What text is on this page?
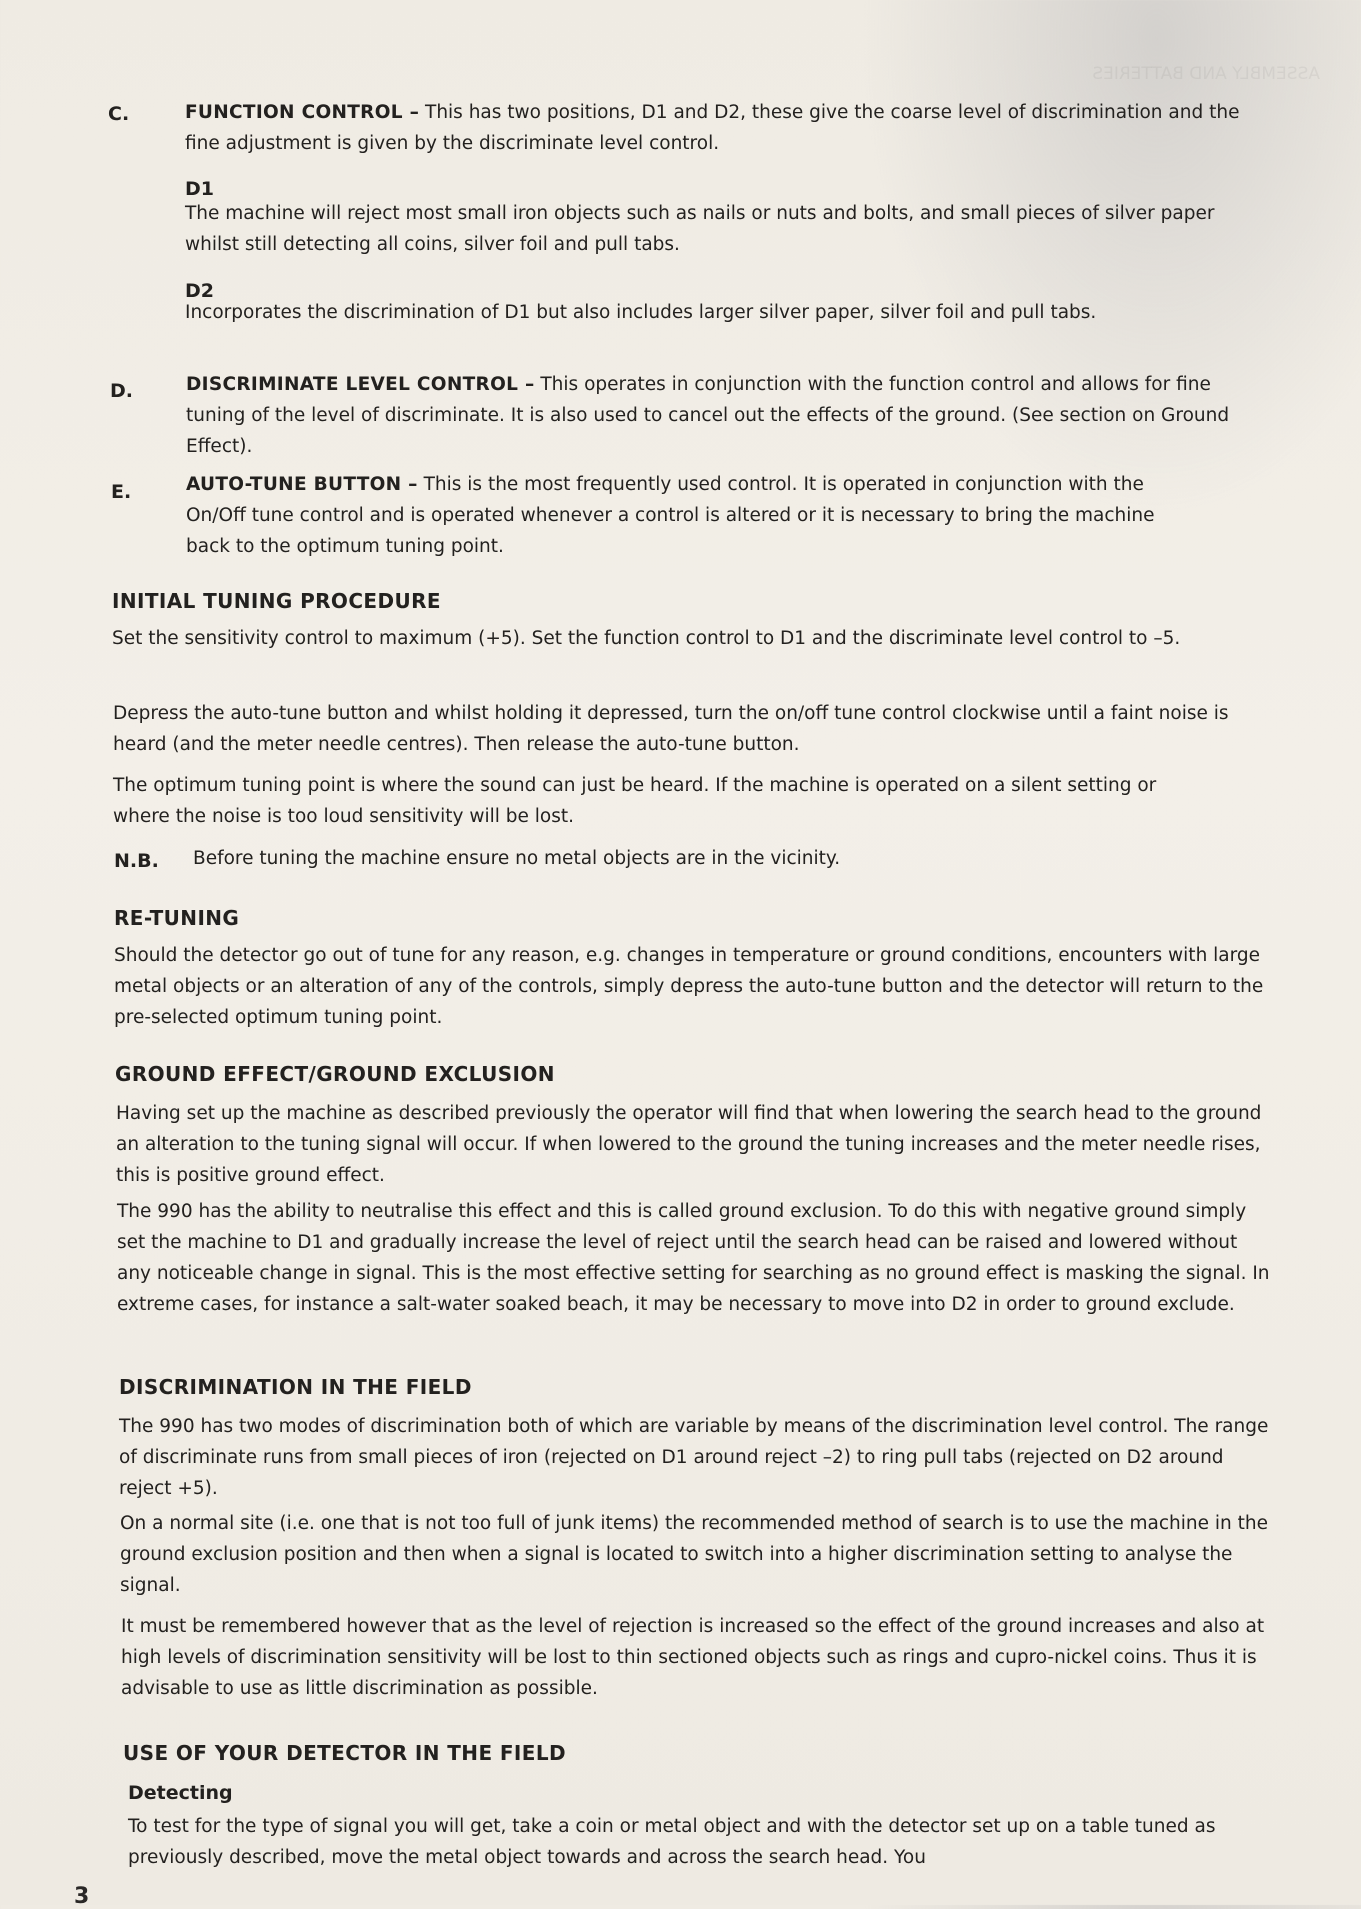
ASSEMBLY AND BATTERIES
C.	FUNCTION CONTROL – This has two positions, D1 and D2, these give the coarse level of discrimination and the fine adjustment is given by the discriminate level control.
D1
The machine will reject most small iron objects such as nails or nuts and bolts, and small pieces of silver paper whilst still detecting all coins, silver foil and pull tabs.
D2
Incorporates the discrimination of D1 but also includes larger silver paper, silver foil and pull tabs.
D.	DISCRIMINATE LEVEL CONTROL – This operates in conjunction with the function control and allows for fine tuning of the level of discriminate. It is also used to cancel out the effects of the ground. (See section on Ground Effect).
E.	AUTO-TUNE BUTTON – This is the most frequently used control. It is operated in conjunction with the On/Off tune control and is operated whenever a control is altered or it is necessary to bring the machine back to the optimum tuning point.
INITIAL TUNING PROCEDURE
Set the sensitivity control to maximum (+5). Set the function control to D1 and the discriminate level control to –5.
Depress the auto-tune button and whilst holding it depressed, turn the on/off tune control clockwise until a faint noise is heard (and the meter needle centres). Then release the auto-tune button.
The optimum tuning point is where the sound can just be heard. If the machine is operated on a silent setting or where the noise is too loud sensitivity will be lost.
N.B. Before tuning the machine ensure no metal objects are in the vicinity.
RE-TUNING
Should the detector go out of tune for any reason, e.g. changes in temperature or ground conditions, encounters with large metal objects or an alteration of any of the controls, simply depress the auto-tune button and the detector will return to the pre-selected optimum tuning point.
GROUND EFFECT/GROUND EXCLUSION
Having set up the machine as described previously the operator will find that when lowering the search head to the ground an alteration to the tuning signal will occur. If when lowered to the ground the tuning increases and the meter needle rises, this is positive ground effect.
The 990 has the ability to neutralise this effect and this is called ground exclusion. To do this with negative ground simply set the machine to D1 and gradually increase the level of reject until the search head can be raised and lowered without any noticeable change in signal. This is the most effective setting for searching as no ground effect is masking the signal. In extreme cases, for instance a salt-water soaked beach, it may be necessary to move into D2 in order to ground exclude.
DISCRIMINATION IN THE FIELD
The 990 has two modes of discrimination both of which are variable by means of the discrimination level control. The range of discriminate runs from small pieces of iron (rejected on D1 around reject –2) to ring pull tabs (rejected on D2 around reject +5).
On a normal site (i.e. one that is not too full of junk items) the recommended method of search is to use the machine in the ground exclusion position and then when a signal is located to switch into a higher discrimination setting to analyse the signal.
It must be remembered however that as the level of rejection is increased so the effect of the ground increases and also at high levels of discrimination sensitivity will be lost to thin sectioned objects such as rings and cupro-nickel coins. Thus it is advisable to use as little discrimination as possible.
USE OF YOUR DETECTOR IN THE FIELD
Detecting
To test for the type of signal you will get, take a coin or metal object and with the detector set up on a table tuned as previously described, move the metal object towards and across the search head. You
3
